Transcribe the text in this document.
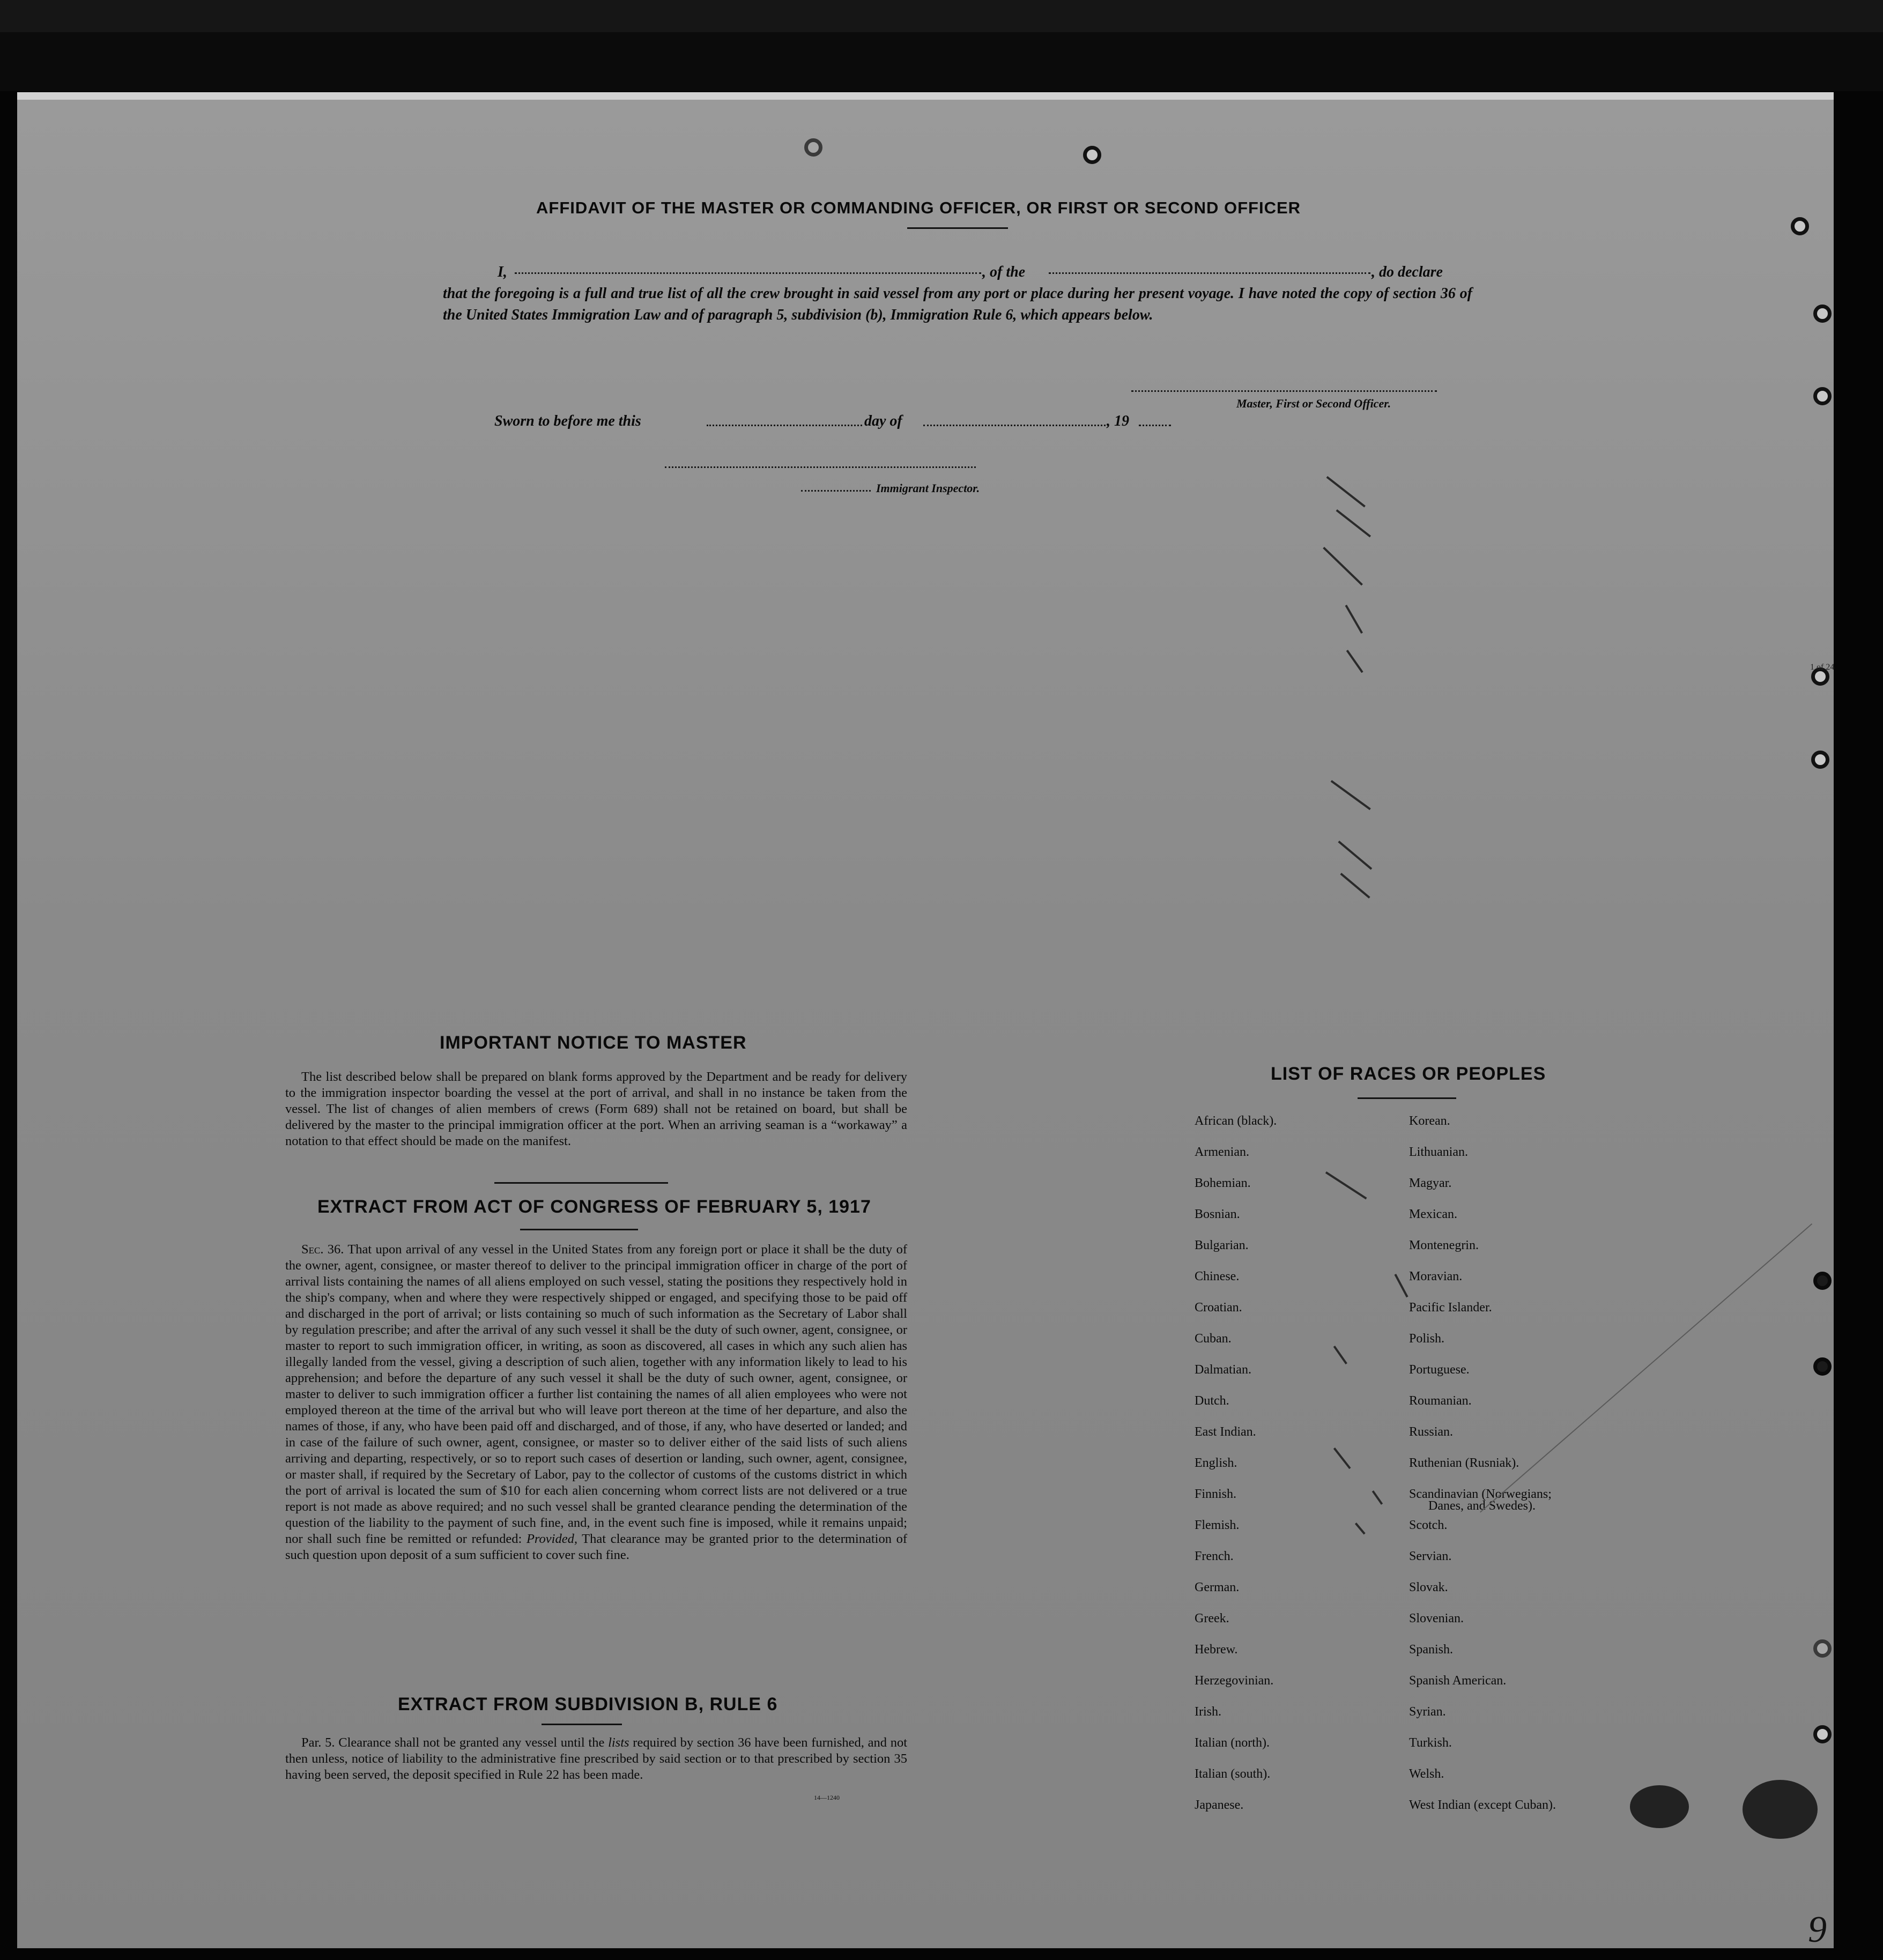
1 of 24
9
AFFIDAVIT OF THE MASTER OR COMMANDING OFFICER, OR FIRST OR SECOND OFFICER
I,	, of the	, do declare
that the foregoing is a full and true list of all the crew brought in said vessel from any port or place during her present voyage. I have noted the copy of section 36 of the United States Immigration Law and of paragraph 5, subdivision (b), Immigration Rule 6, which appears below.
Master, First or Second Officer.
Sworn to before me this	day of	, 19
Immigrant Inspector.
IMPORTANT NOTICE TO MASTER
The list described below shall be prepared on blank forms approved by the Department and be ready for delivery to the immigration inspector boarding the vessel at the port of arrival, and shall in no instance be taken from the vessel. The list of changes of alien members of crews (Form 689) shall not be retained on board, but shall be delivered by the master to the principal immigration officer at the port. When an arriving seaman is a “workaway” a notation to that effect should be made on the manifest.
EXTRACT FROM ACT OF CONGRESS OF FEBRUARY 5, 1917
Sec. 36. That upon arrival of any vessel in the United States from any foreign port or place it shall be the duty of the owner, agent, consignee, or master thereof to deliver to the principal immigration officer in charge of the port of arrival lists containing the names of all aliens employed on such vessel, stating the positions they respectively hold in the ship's company, when and where they were respectively shipped or engaged, and specifying those to be paid off and discharged in the port of arrival; or lists containing so much of such information as the Secretary of Labor shall by regulation prescribe; and after the arrival of any such vessel it shall be the duty of such owner, agent, consignee, or master to report to such immigration officer, in writing, as soon as discovered, all cases in which any such alien has illegally landed from the vessel, giving a description of such alien, together with any information likely to lead to his apprehension; and before the departure of any such vessel it shall be the duty of such owner, agent, consignee, or master to deliver to such immigration officer a further list containing the names of all alien employees who were not employed thereon at the time of the arrival but who will leave port thereon at the time of her departure, and also the names of those, if any, who have been paid off and discharged, and of those, if any, who have deserted or landed; and in case of the failure of such owner, agent, consignee, or master so to deliver either of the said lists of such aliens arriving and departing, respectively, or so to report such cases of desertion or landing, such owner, agent, consignee, or master shall, if required by the Secretary of Labor, pay to the collector of customs of the customs district in which the port of arrival is located the sum of $10 for each alien concerning whom correct lists are not delivered or a true report is not made as above required; and no such vessel shall be granted clearance pending the determination of the question of the liability to the payment of such fine, and, in the event such fine is imposed, while it remains unpaid; nor shall such fine be remitted or refunded: Provided, That clearance may be granted prior to the determination of such question upon deposit of a sum sufficient to cover such fine.
EXTRACT FROM SUBDIVISION B, RULE 6
Par. 5. Clearance shall not be granted any vessel until the lists required by section 36 have been furnished, and not then unless, notice of liability to the administrative fine prescribed by said section or to that prescribed by section 35 having been served, the deposit specified in Rule 22 has been made.
14—1240
LIST OF RACES OR PEOPLES
African (black).
Armenian.
Bohemian.
Bosnian.
Bulgarian.
Chinese.
Croatian.
Cuban.
Dalmatian.
Dutch.
East Indian.
English.
Finnish.
Flemish.
French.
German.
Greek.
Hebrew.
Herzegovinian.
Irish.
Italian (north).
Italian (south).
Japanese.
Korean.
Lithuanian.
Magyar.
Mexican.
Montenegrin.
Moravian.
Pacific Islander.
Polish.
Portuguese.
Roumanian.
Russian.
Ruthenian (Rusniak).
Scandinavian (Norwegians;
Scotch.
Servian.
Slovak.
Slovenian.
Spanish.
Spanish American.
Syrian.
Turkish.
Welsh.
West Indian (except Cuban).
Danes, and Swedes).
